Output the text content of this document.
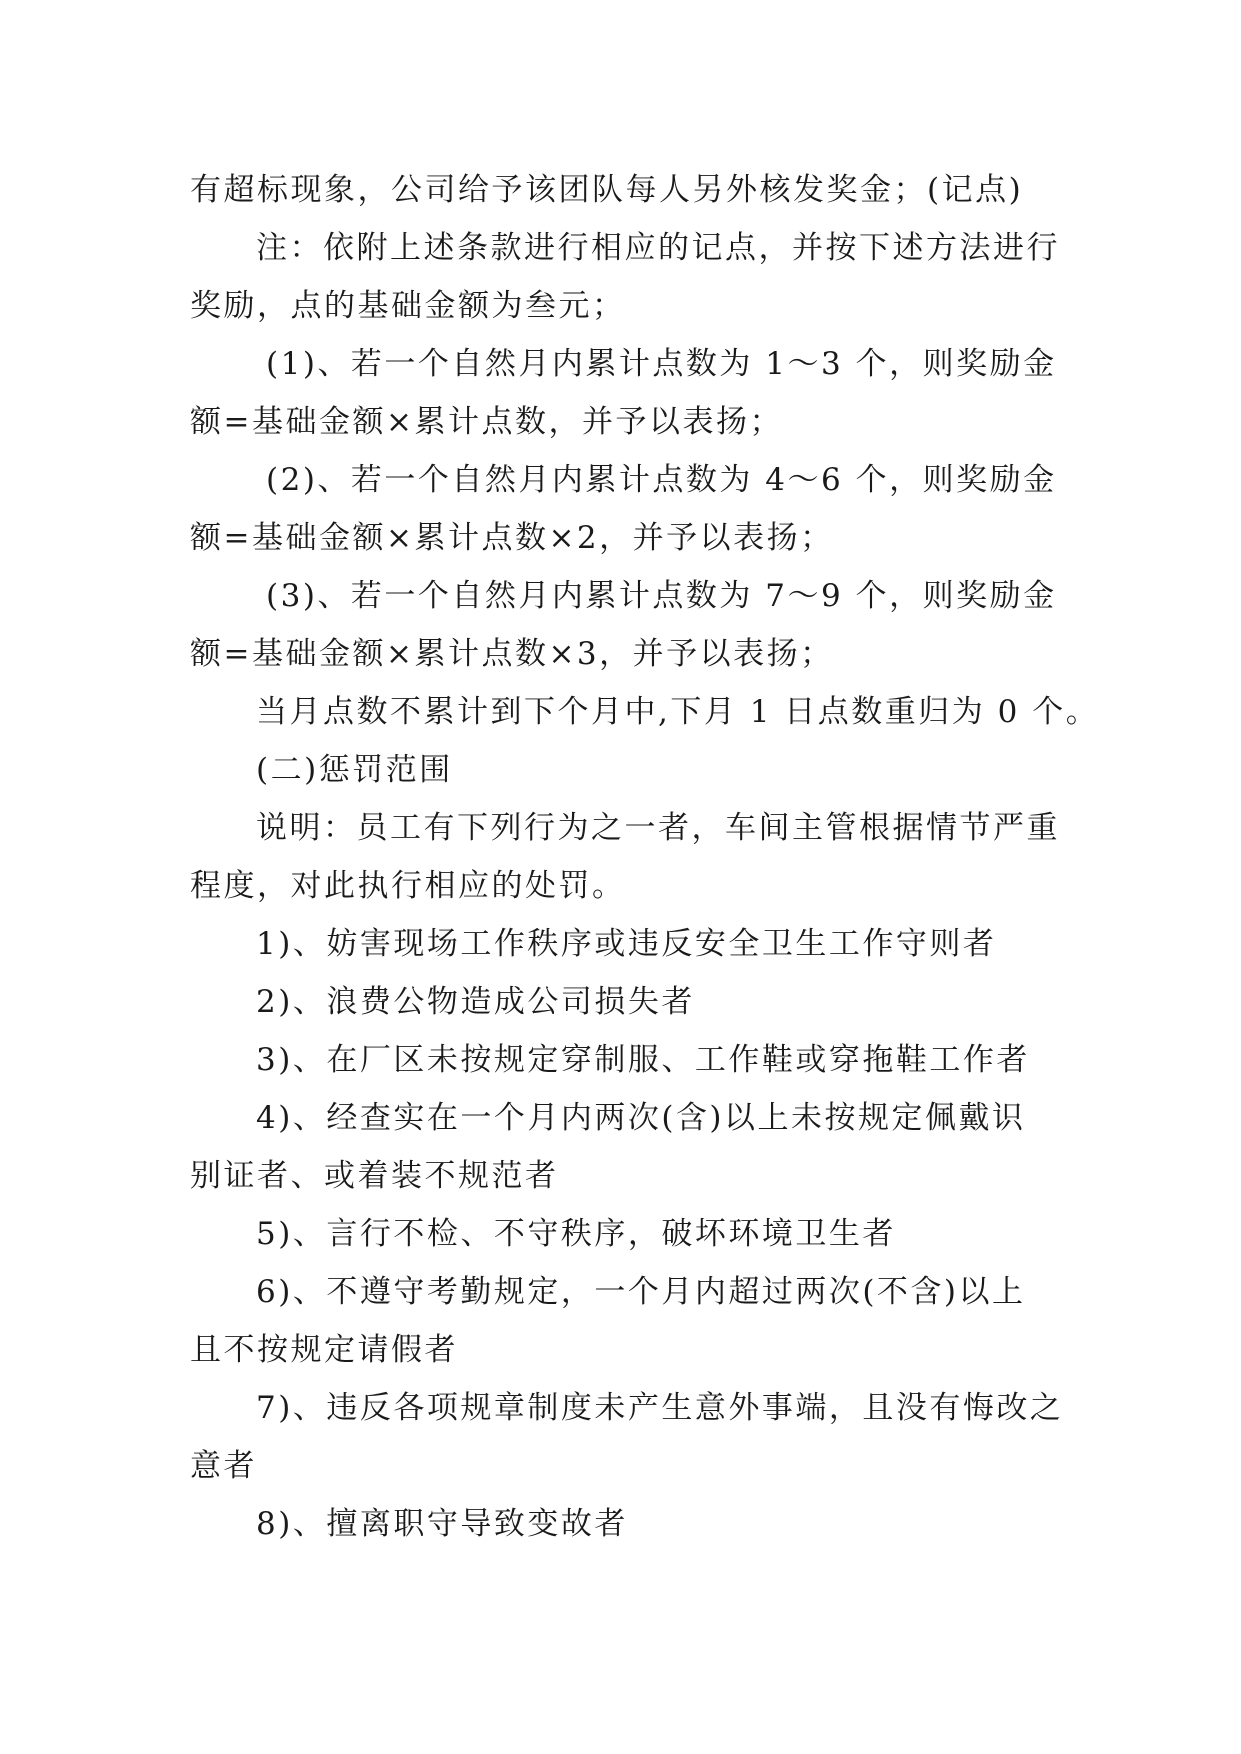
有超标现象，公司给予该团队每人另外核发奖金；(记点)
注：依附上述条款进行相应的记点，并按下述方法进行
奖励，点的基础金额为叁元；
(1)、若一个自然月内累计点数为 1～3 个，则奖励金
额=基础金额×累计点数，并予以表扬；
(2)、若一个自然月内累计点数为 4～6 个，则奖励金
额=基础金额×累计点数×2，并予以表扬；
(3)、若一个自然月内累计点数为 7～9 个，则奖励金
额=基础金额×累计点数×3，并予以表扬；
当月点数不累计到下个月中,下月 1 日点数重归为 0 个。
(二)惩罚范围
说明：员工有下列行为之一者，车间主管根据情节严重
程度，对此执行相应的处罚。
1)、妨害现场工作秩序或违反安全卫生工作守则者
2)、浪费公物造成公司损失者
3)、在厂区未按规定穿制服、工作鞋或穿拖鞋工作者
4)、经查实在一个月内两次(含)以上未按规定佩戴识
别证者、或着装不规范者
5)、言行不检、不守秩序，破坏环境卫生者
6)、不遵守考勤规定，一个月内超过两次(不含)以上
且不按规定请假者
7)、违反各项规章制度未产生意外事端，且没有悔改之
意者
8)、擅离职守导致变故者
